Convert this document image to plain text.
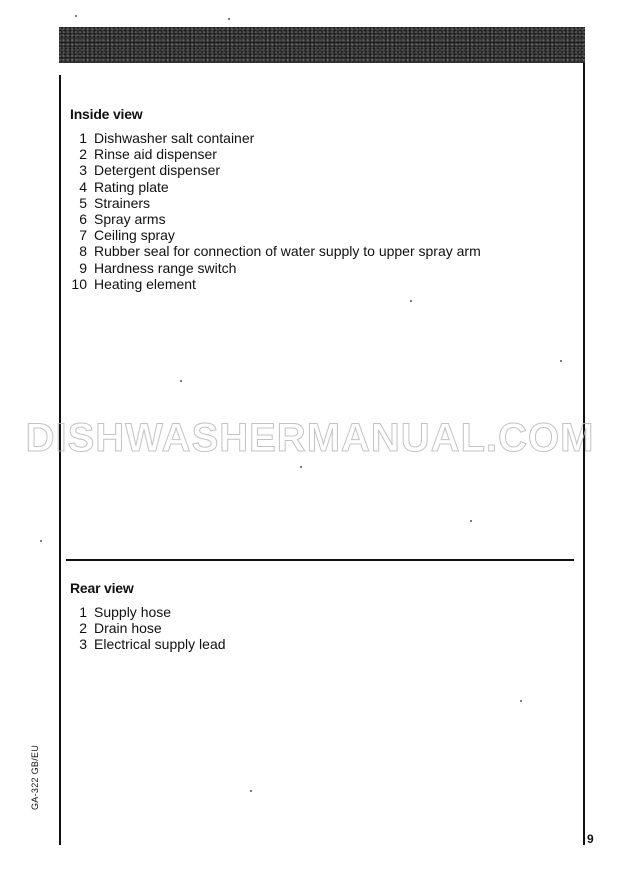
Inside view
1 Dishwasher salt container
2 Rinse aid dispenser
3 Detergent dispenser
4 Rating plate
5 Strainers
6 Spray arms
7 Ceiling spray
8 Rubber seal for connection of water supply to upper spray arm
9 Hardness range switch
10 Heating element
DISHWASHERMANUAL.COM
Rear view
1 Supply hose
2 Drain hose
3 Electrical supply lead
GA-322 GB/EU
9
